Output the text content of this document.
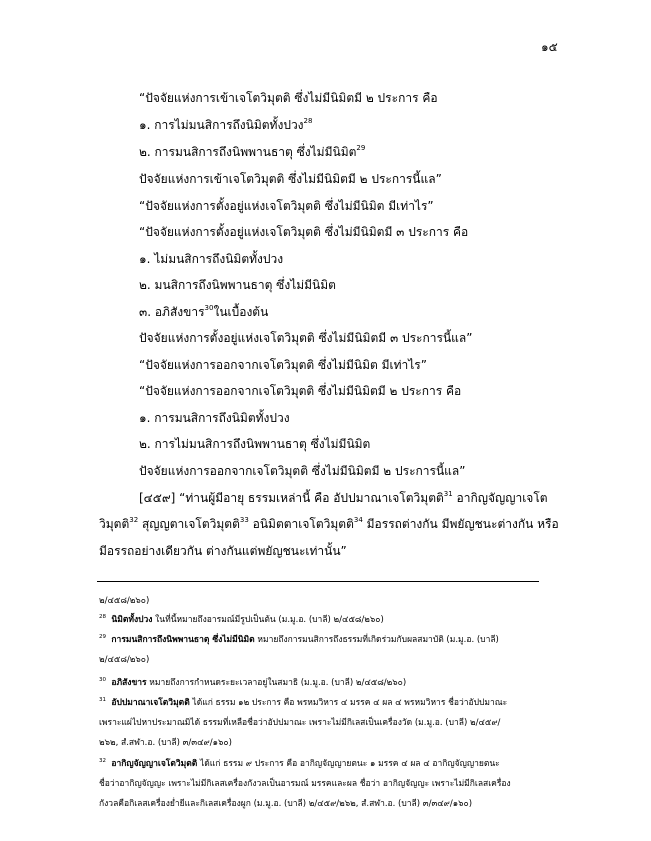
๑๕
“ปัจจัยแห่งการเข้าเจโตวิมุตติ ซึ่งไม่มีนิมิตมี ๒ ประการ คือ
๑. การไม่มนสิการถึงนิมิตทั้งปวง$^{28}$
๒. การมนสิการถึงนิพพานธาตุ ซึ่งไม่มีนิมิต$^{29}$
ปัจจัยแห่งการเข้าเจโตวิมุตติ ซึ่งไม่มีนิมิตมี ๒ ประการนี้แล”
“ปัจจัยแห่งการตั้งอยู่แห่งเจโตวิมุตติ ซึ่งไม่มีนิมิต มีเท่าไร”
“ปัจจัยแห่งการตั้งอยู่แห่งเจโตวิมุตติ ซึ่งไม่มีนิมิตมี ๓ ประการ คือ
๑. ไม่มนสิการถึงนิมิตทั้งปวง
๒. มนสิการถึงนิพพานธาตุ ซึ่งไม่มีนิมิต
๓. อภิสังขาร$^{30}$ในเบื้องต้น
ปัจจัยแห่งการตั้งอยู่แห่งเจโตวิมุตติ ซึ่งไม่มีนิมิตมี ๓ ประการนี้แล”
“ปัจจัยแห่งการออกจากเจโตวิมุตติ ซึ่งไม่มีนิมิต มีเท่าไร”
“ปัจจัยแห่งการออกจากเจโตวิมุตติ ซึ่งไม่มีนิมิตมี ๒ ประการ คือ
๑. การมนสิการถึงนิมิตทั้งปวง
๒. การไม่มนสิการถึงนิพพานธาตุ ซึ่งไม่มีนิมิต
ปัจจัยแห่งการออกจากเจโตวิมุตติ ซึ่งไม่มีนิมิตมี ๒ ประการนี้แล”
[๔๕๙] “ท่านผู้มีอายุ ธรรมเหล่านี้ คือ อัปปมาณาเจโตวิมุตติ$^{31}$ อากิญจัญญาเจโต
วิมุตติ$^{32}$ สุญญตาเจโตวิมุตติ$^{33}$ อนิมิตตาเจโตวิมุตติ$^{34}$ มีอรรถต่างกัน มีพยัญชนะต่างกัน หรือ
มีอรรถอย่างเดียวกัน ต่างกันแต่พยัญชนะเท่านั้น”
๒/๔๕๘/๒๖๐)
$^{28}$ นิมิตทั้งปวง ในที่นี้หมายถึงอารมณ์มีรูปเป็นต้น (ม.มู.อ. (บาลี) ๒/๔๕๘/๒๖๐)
$^{29}$ การมนสิการถึงนิพพานธาตุ ซึ่งไม่มีนิมิต หมายถึงการมนสิการถึงธรรมที่เกิดร่วมกับผลสมาบัติ (ม.มู.อ. (บาลี)
๒/๔๕๘/๒๖๐)
$^{30}$ อภิสังขาร หมายถึงการกำหนดระยะเวลาอยู่ในสมาธิ (ม.มู.อ. (บาลี) ๒/๔๕๘/๒๖๐)
$^{31}$ อัปปมาณาเจโตวิมุตติ ได้แก่ ธรรม ๑๒ ประการ คือ พรหมวิหาร ๔ มรรค ๔ ผล ๔ พรหมวิหาร ชื่อว่าอัปปมาณะ
เพราะแผ่ไปหาประมาณมิได้ ธรรมที่เหลือชื่อว่าอัปปมาณะ เพราะไม่มีกิเลสเป็นเครื่องวัด (ม.มู.อ. (บาลี) ๒/๔๕๙/
๒๖๒, สํ.สฬา.อ. (บาลี) ๓/๓๔๙/๑๖๐)
$^{32}$ อากิญจัญญาเจโตวิมุตติ ได้แก่ ธรรม ๙ ประการ คือ อากิญจัญญายตนะ ๑ มรรค ๔ ผล ๔ อากิญจัญญายตนะ
ชื่อว่าอากิญจัญญะ เพราะไม่มีกิเลสเครื่องกังวลเป็นอารมณ์ มรรคและผล ชื่อว่า อากิญจัญญะ เพราะไม่มีกิเลสเครื่อง
กังวลคือกิเลสเครื่องย่ำยีและกิเลสเครื่องผูก (ม.มู.อ. (บาลี) ๒/๔๕๙/๒๖๒, สํ.สฬา.อ. (บาลี) ๓/๓๔๙/๑๖๐)
